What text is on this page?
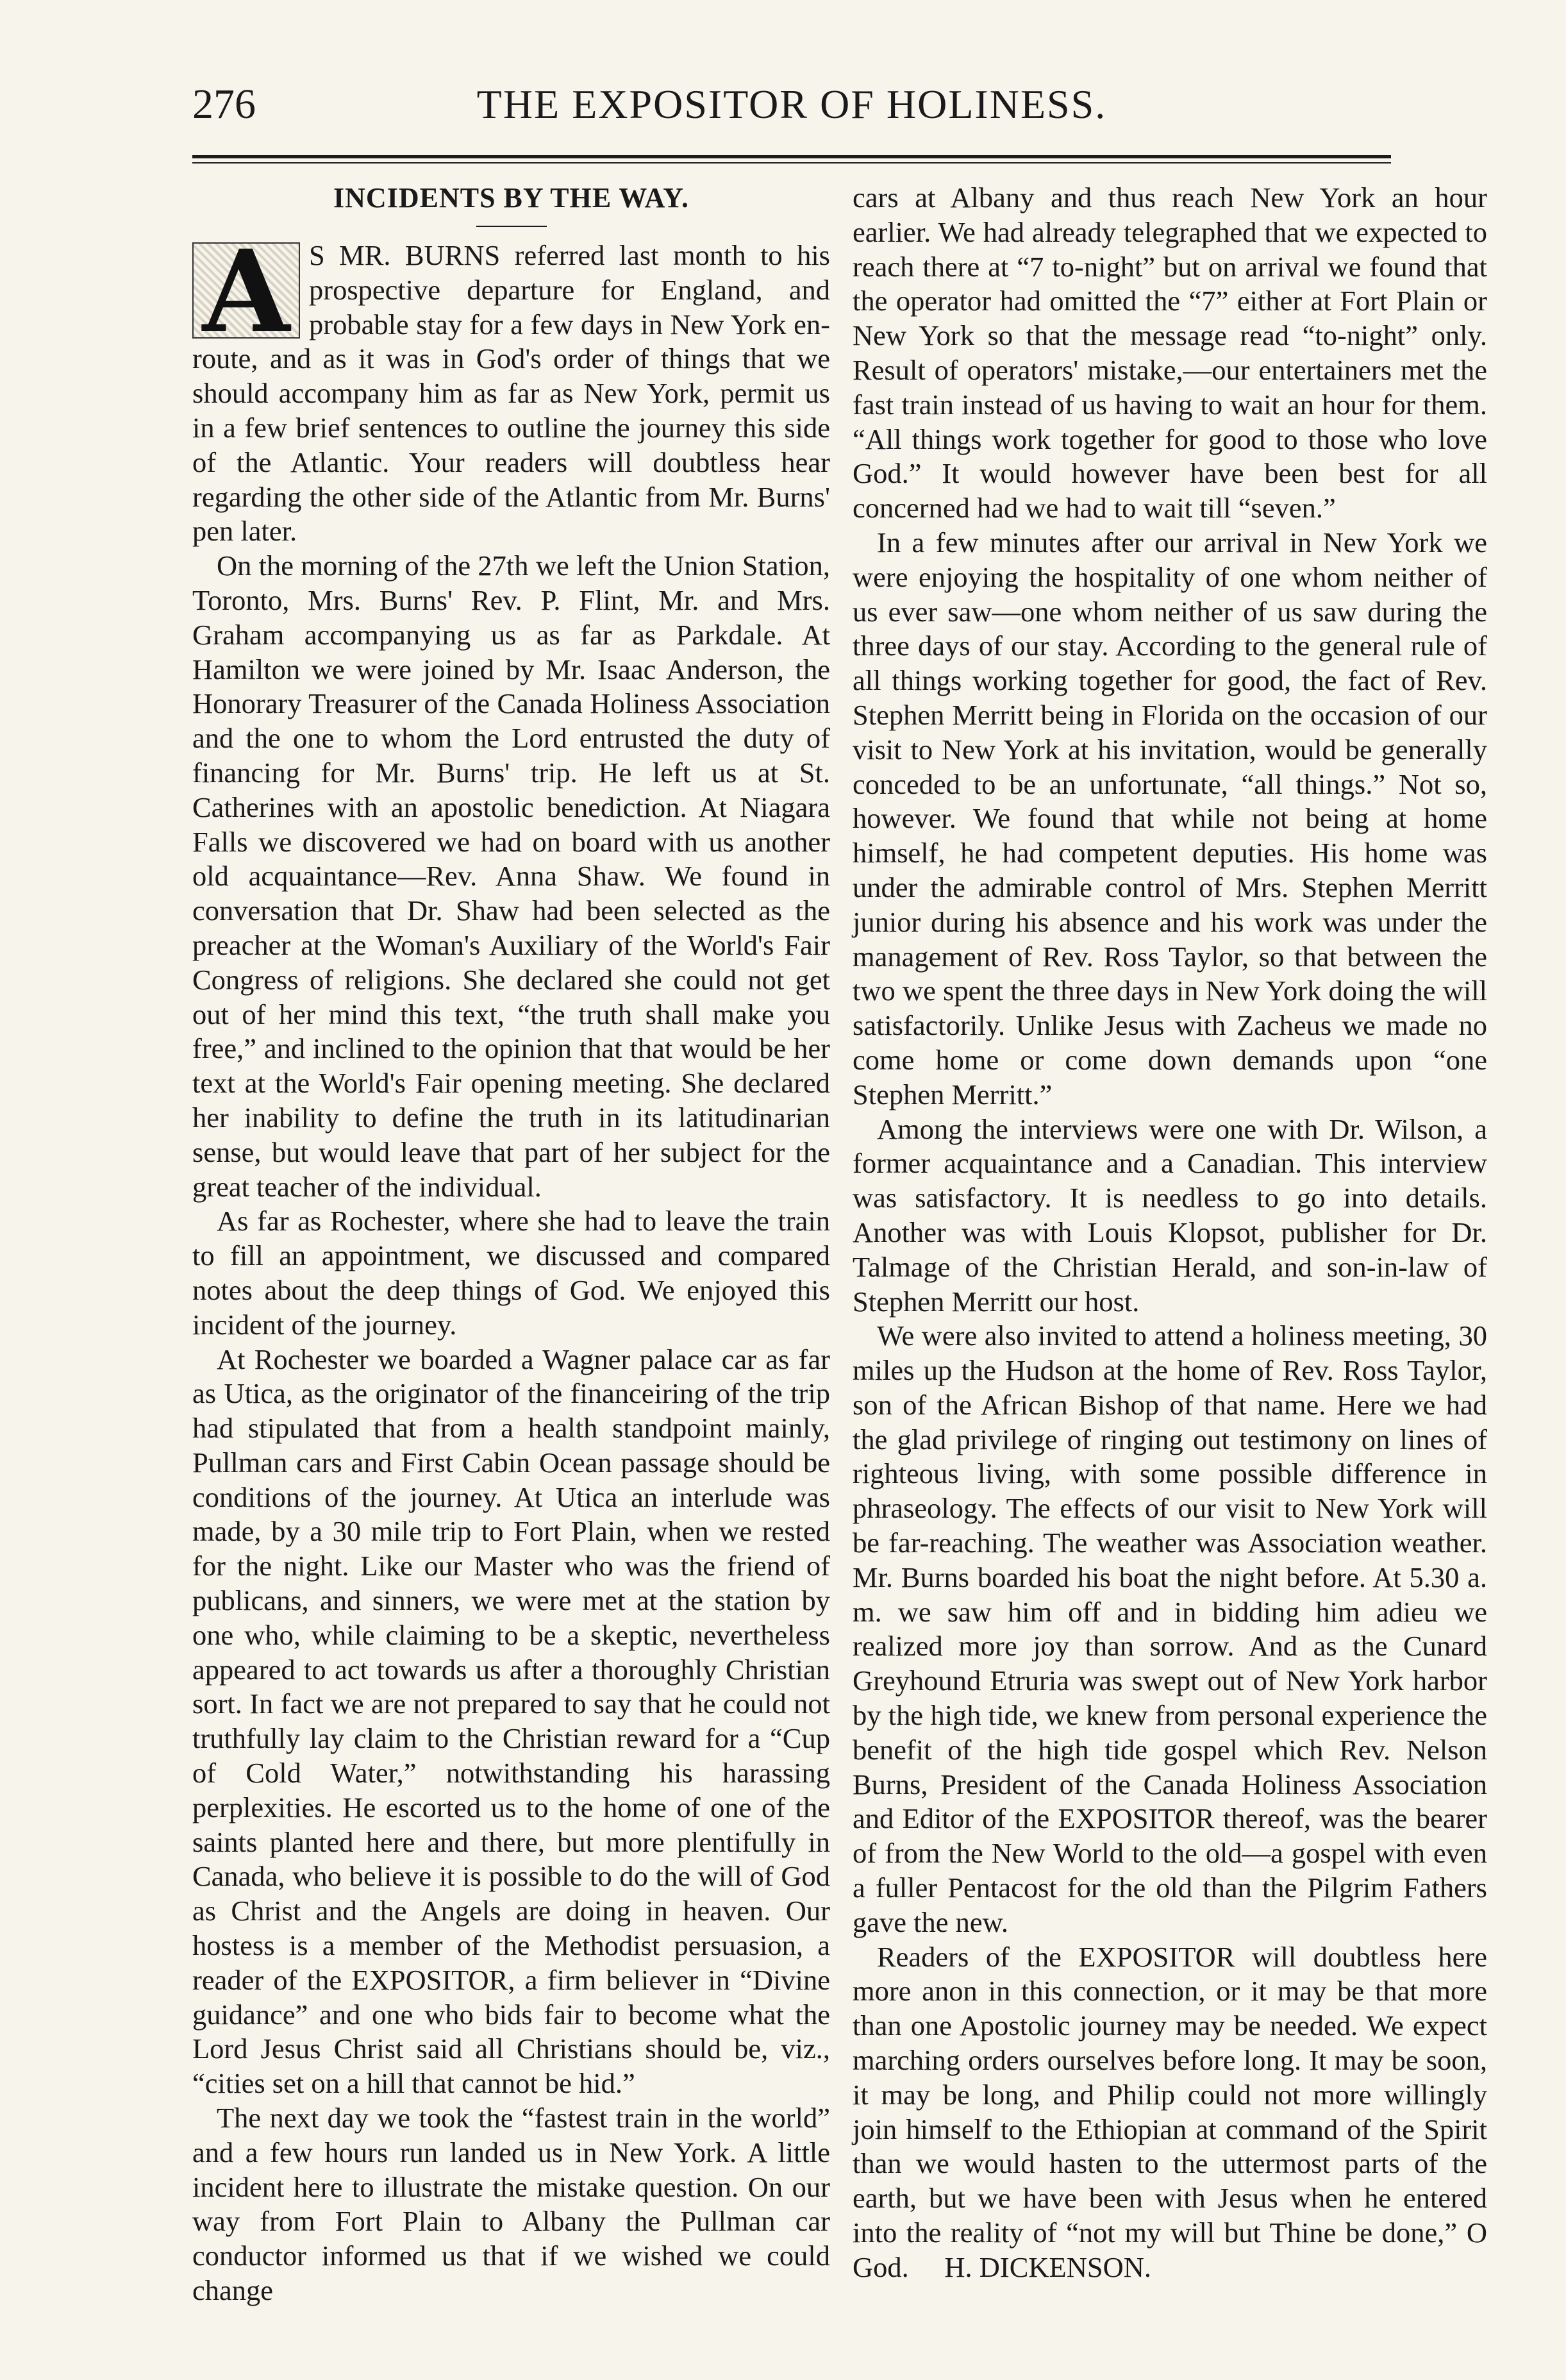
276	THE EXPOSITOR OF HOLINESS.
INCIDENTS BY THE WAY.
A S MR. BURNS referred last month to his prospective departure for England, and probable stay for a few days in New York en-route, and as it was in God's order of things that we should accompany him as far as New York, permit us in a few brief sentences to outline the journey this side of the Atlantic. Your readers will doubtless hear regarding the other side of the Atlantic from Mr. Burns' pen later.

On the morning of the 27th we left the Union Station, Toronto, Mrs. Burns' Rev. P. Flint, Mr. and Mrs. Graham accompanying us as far as Parkdale. At Hamilton we were joined by Mr. Isaac Anderson, the Honorary Treasurer of the Canada Holiness Association and the one to whom the Lord entrusted the duty of financing for Mr. Burns' trip. He left us at St. Catherines with an apostolic benediction. At Niagara Falls we discovered we had on board with us another old acquaintance—Rev. Anna Shaw. We found in conversation that Dr. Shaw had been selected as the preacher at the Woman's Auxiliary of the World's Fair Congress of religions. She declared she could not get out of her mind this text, “the truth shall make you free,” and inclined to the opinion that that would be her text at the World's Fair opening meeting. She declared her inability to define the truth in its latitudinarian sense, but would leave that part of her subject for the great teacher of the individual.

As far as Rochester, where she had to leave the train to fill an appointment, we discussed and compared notes about the deep things of God. We enjoyed this incident of the journey.

At Rochester we boarded a Wagner palace car as far as Utica, as the originator of the financeiring of the trip had stipulated that from a health standpoint mainly, Pullman cars and First Cabin Ocean passage should be conditions of the journey. At Utica an interlude was made, by a 30 mile trip to Fort Plain, when we rested for the night. Like our Master who was the friend of publicans, and sinners, we were met at the station by one who, while claiming to be a skeptic, nevertheless appeared to act towards us after a thoroughly Christian sort. In fact we are not prepared to say that he could not truthfully lay claim to the Christian reward for a “Cup of Cold Water,” notwithstanding his harassing perplexities. He escorted us to the home of one of the saints planted here and there, but more plentifully in Canada, who believe it is possible to do the will of God as Christ and the Angels are doing in heaven. Our hostess is a member of the Methodist persuasion, a reader of the EXPOSITOR, a firm believer in “Divine guidance” and one who bids fair to become what the Lord Jesus Christ said all Christians should be, viz., “cities set on a hill that cannot be hid.”

The next day we took the “fastest train in the world” and a few hours run landed us in New York. A little incident here to illustrate the mistake question. On our way from Fort Plain to Albany the Pullman car conductor informed us that if we wished we could change

cars at Albany and thus reach New York an hour earlier. We had already telegraphed that we expected to reach there at “7 to-night” but on arrival we found that the operator had omitted the “7” either at Fort Plain or New York so that the message read “to-night” only. Result of operators' mistake,—our entertainers met the fast train instead of us having to wait an hour for them. “All things work together for good to those who love God.” It would however have been best for all concerned had we had to wait till “seven.”

In a few minutes after our arrival in New York we were enjoying the hospitality of one whom neither of us ever saw—one whom neither of us saw during the three days of our stay. According to the general rule of all things working together for good, the fact of Rev. Stephen Merritt being in Florida on the occasion of our visit to New York at his invitation, would be generally conceded to be an unfortunate, “all things.” Not so, however. We found that while not being at home himself, he had competent deputies. His home was under the admirable control of Mrs. Stephen Merritt junior during his absence and his work was under the management of Rev. Ross Taylor, so that between the two we spent the three days in New York doing the will satisfactorily. Unlike Jesus with Zacheus we made no come home or come down demands upon “one Stephen Merritt.”

Among the interviews were one with Dr. Wilson, a former acquaintance and a Canadian. This interview was satisfactory. It is needless to go into details. Another was with Louis Klopsot, publisher for Dr. Talmage of the Christian Herald, and son-in-law of Stephen Merritt our host.

We were also invited to attend a holiness meeting, 30 miles up the Hudson at the home of Rev. Ross Taylor, son of the African Bishop of that name. Here we had the glad privilege of ringing out testimony on lines of righteous living, with some possible difference in phraseology. The effects of our visit to New York will be far-reaching. The weather was Association weather. Mr. Burns boarded his boat the night before. At 5.30 a. m. we saw him off and in bidding him adieu we realized more joy than sorrow. And as the Cunard Greyhound Etruria was swept out of New York harbor by the high tide, we knew from personal experience the benefit of the high tide gospel which Rev. Nelson Burns, President of the Canada Holiness Association and Editor of the EXPOSITOR thereof, was the bearer of from the New World to the old—a gospel with even a fuller Pentacost for the old than the Pilgrim Fathers gave the new.

Readers of the EXPOSITOR will doubtless here more anon in this connection, or it may be that more than one Apostolic journey may be needed. We expect marching orders ourselves before long. It may be soon, it may be long, and Philip could not more willingly join himself to the Ethiopian at command of the Spirit than we would hasten to the uttermost parts of the earth, but we have been with Jesus when he entered into the reality of “not my will but Thine be done,” O God. H. DICKENSON.
